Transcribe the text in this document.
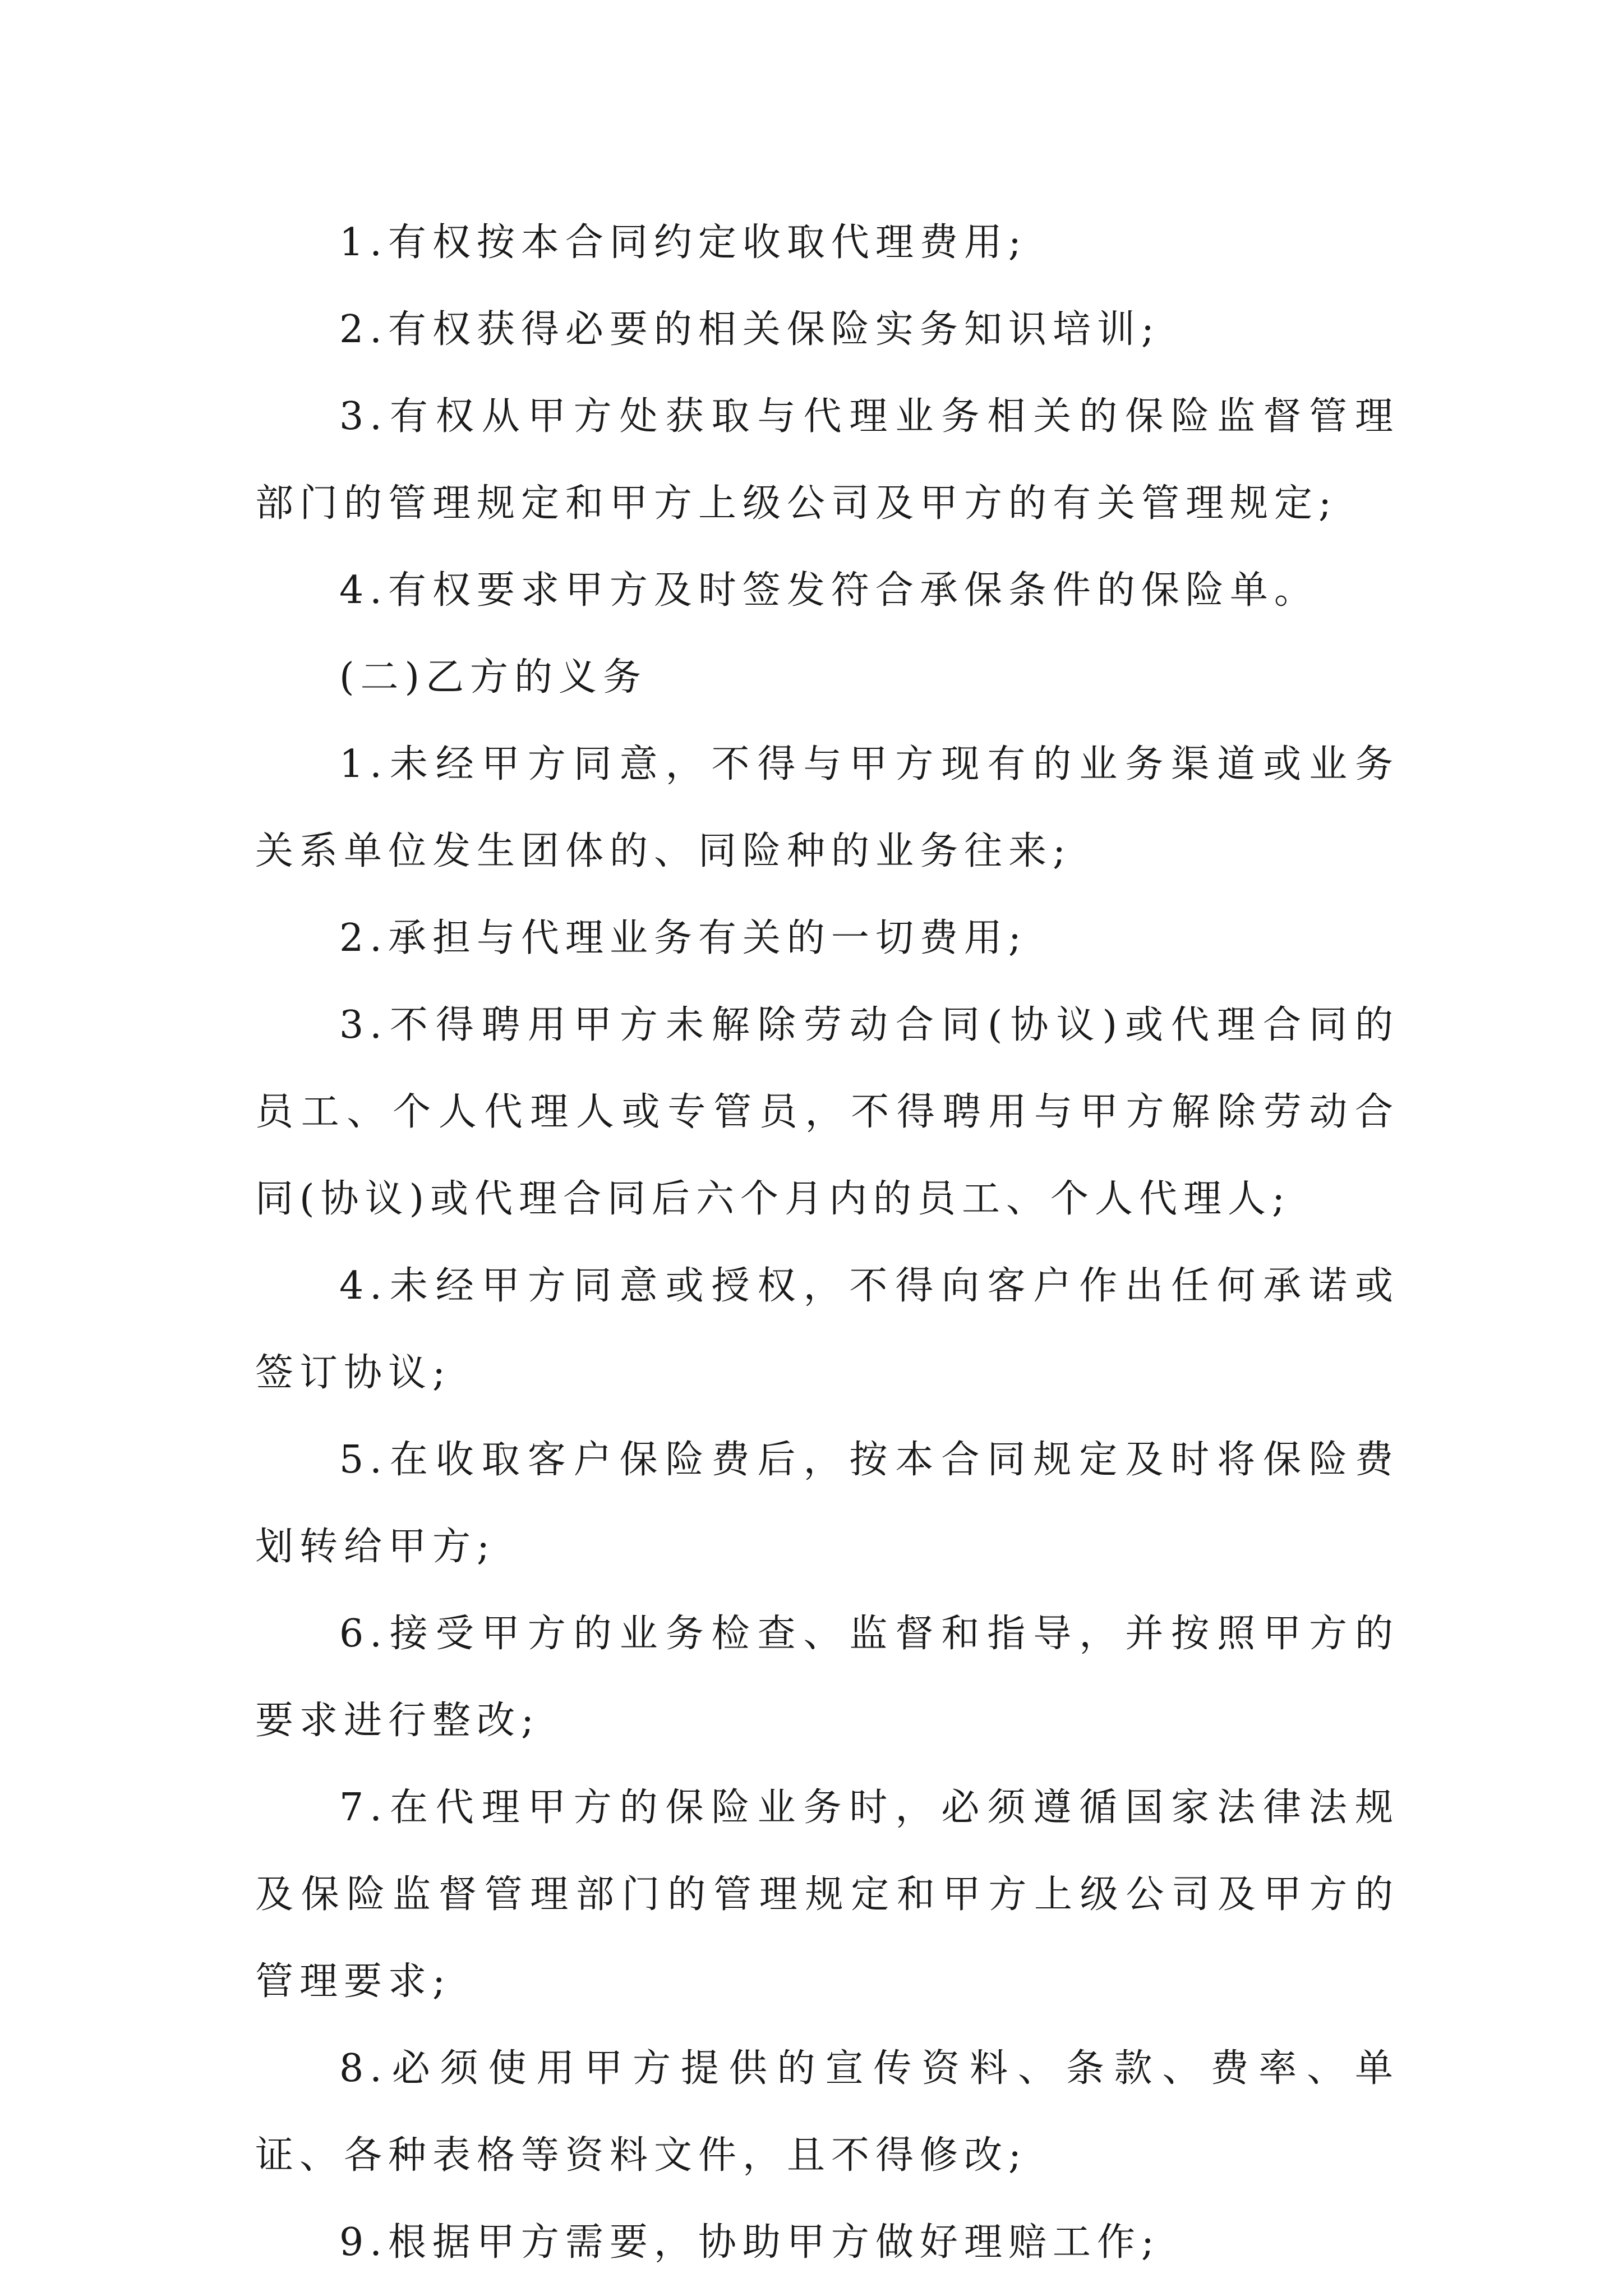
1.有权按本合同约定收取代理费用;

2.有权获得必要的相关保险实务知识培训;

3.有权从甲方处获取与代理业务相关的保险监督管理部门的管理规定和甲方上级公司及甲方的有关管理规定;

4.有权要求甲方及时签发符合承保条件的保险单。

(二)乙方的义务

1.未经甲方同意，不得与甲方现有的业务渠道或业务关系单位发生团体的、同险种的业务往来;

2.承担与代理业务有关的一切费用;

3.不得聘用甲方未解除劳动合同(协议)或代理合同的员工、个人代理人或专管员，不得聘用与甲方解除劳动合同(协议)或代理合同后六个月内的员工、个人代理人;

4.未经甲方同意或授权，不得向客户作出任何承诺或签订协议;

5.在收取客户保险费后，按本合同规定及时将保险费划转给甲方;

6.接受甲方的业务检查、监督和指导，并按照甲方的要求进行整改;

7.在代理甲方的保险业务时，必须遵循国家法律法规及保险监督管理部门的管理规定和甲方上级公司及甲方的管理要求;

8.必须使用甲方提供的宣传资料、条款、费率、单证、各种表格等资料文件，且不得修改;

9.根据甲方需要，协助甲方做好理赔工作;
